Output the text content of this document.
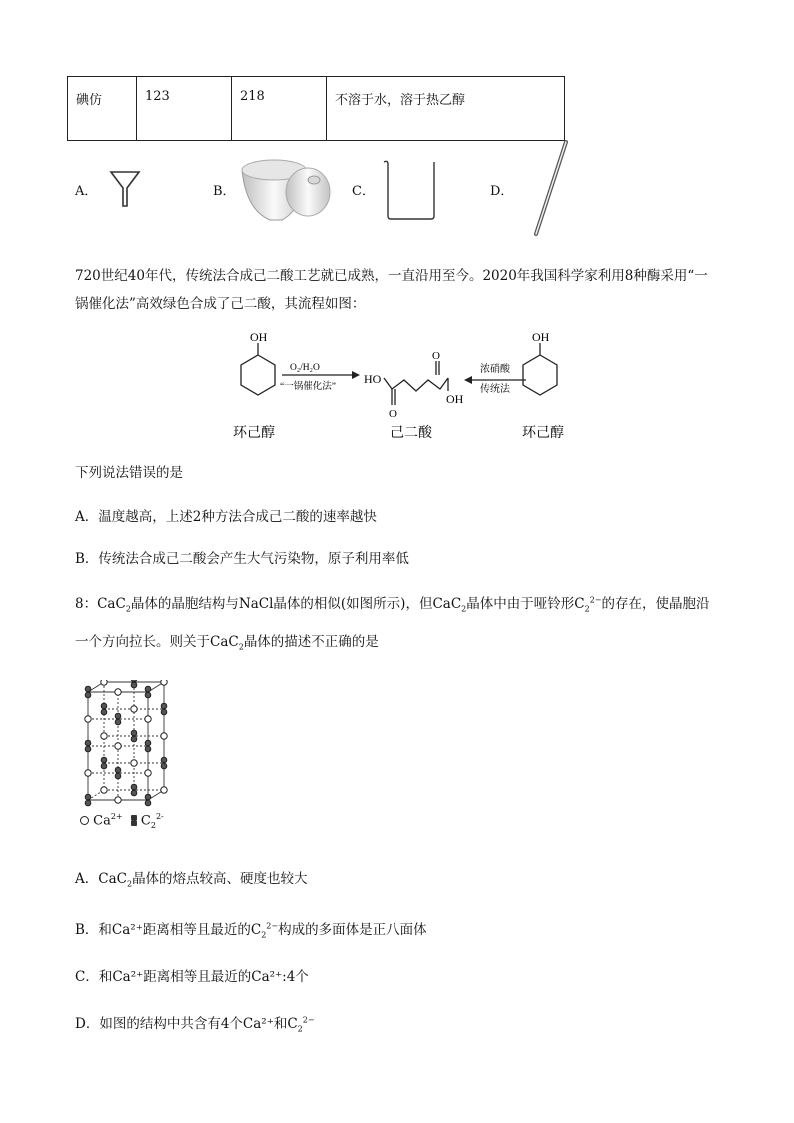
碘仿	123	218	不溶于水，溶于热乙醇
A．	B．	C．	D．
720世纪40年代，传统法合成己二酸工艺就已成熟，一直沿用至今。2020年我国科学家利用8种酶采用“一
锅催化法”高效绿色合成了己二酸，其流程如图：
OH
O₂/H₂O
“一锅催化法”
HO
O
O
OH
浓硝酸
传统法
OH
环己醇	己二酸	环己醇
下列说法错误的是
A．温度越高，上述2种方法合成己二酸的速率越快
B．传统法合成己二酸会产生大气污染物，原子利用率低
8：CaC$_2$晶体的晶胞结构与NaCl晶体的相似(如图所示)，但CaC$_2$晶体中由于哑铃形$C_2^{2-}$的存在，使晶胞沿
一个方向拉长。则关于CaC$_2$晶体的描述不正确的是
$Ca^{2+}$ $C_2^{2-}$
A．CaC$_2$晶体的熔点较高、硬度也较大
B．和Ca²⁺距离相等且最近的$C_2^{2-}$构成的多面体是正八面体
C．和Ca²⁺距离相等且最近的Ca²⁺:4个
D．如图的结构中共含有4个Ca²⁺和$C_2^{2-}$
